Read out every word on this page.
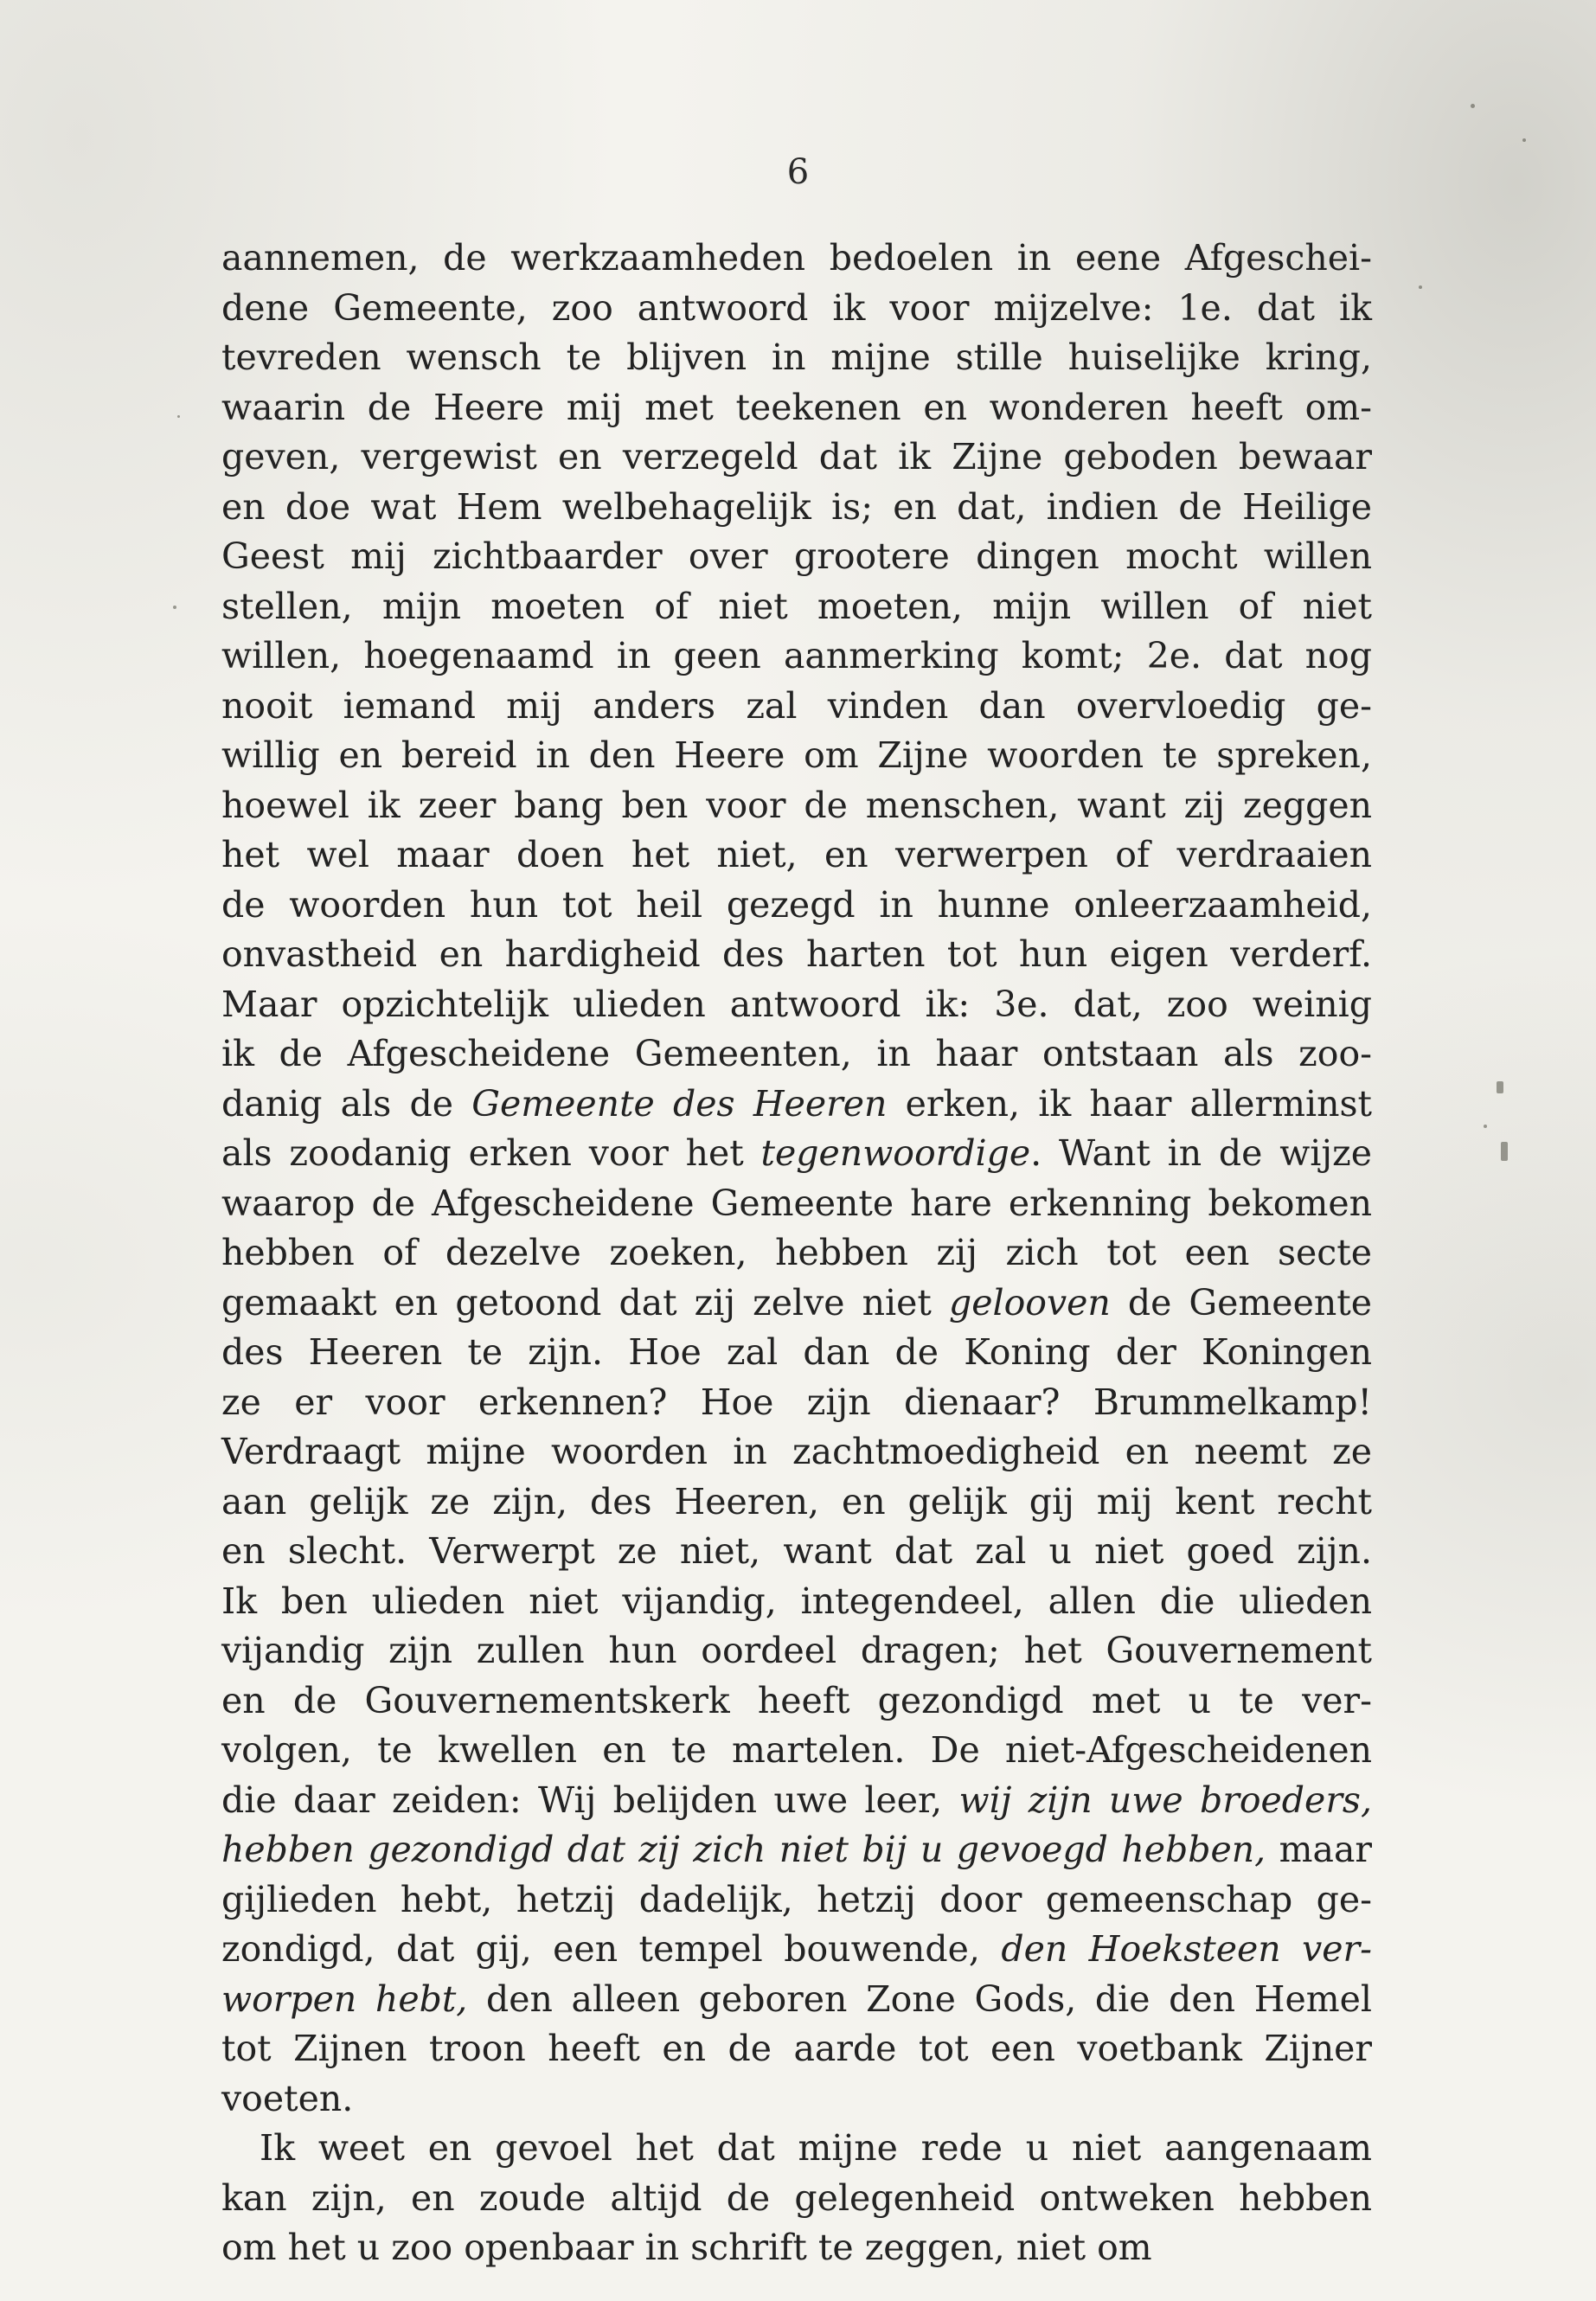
6
aannemen, de werkzaamheden bedoelen in eene Afgeschei-
dene Gemeente, zoo antwoord ik voor mijzelve: 1e. dat ik
tevreden wensch te blijven in mijne stille huiselijke kring,
waarin de Heere mij met teekenen en wonderen heeft om-
geven, vergewist en verzegeld dat ik Zijne geboden bewaar
en doe wat Hem welbehagelijk is; en dat, indien de Heilige
Geest mij zichtbaarder over grootere dingen mocht willen
stellen, mijn moeten of niet moeten, mijn willen of niet
willen, hoegenaamd in geen aanmerking komt; 2e. dat nog
nooit iemand mij anders zal vinden dan overvloedig ge-
willig en bereid in den Heere om Zijne woorden te spreken,
hoewel ik zeer bang ben voor de menschen, want zij zeggen
het wel maar doen het niet, en verwerpen of verdraaien
de woorden hun tot heil gezegd in hunne onleerzaamheid,
onvastheid en hardigheid des harten tot hun eigen verderf.
Maar opzichtelijk ulieden antwoord ik: 3e. dat, zoo weinig
ik de Afgescheidene Gemeenten, in haar ontstaan als zoo-
danig als de Gemeente des Heeren erken, ik haar allerminst
als zoodanig erken voor het tegenwoordige. Want in de wijze
waarop de Afgescheidene Gemeente hare erkenning bekomen
hebben of dezelve zoeken, hebben zij zich tot een secte
gemaakt en getoond dat zij zelve niet gelooven de Gemeente
des Heeren te zijn. Hoe zal dan de Koning der Koningen
ze er voor erkennen? Hoe zijn dienaar? Brummelkamp!
Verdraagt mijne woorden in zachtmoedigheid en neemt ze
aan gelijk ze zijn, des Heeren, en gelijk gij mij kent recht
en slecht. Verwerpt ze niet, want dat zal u niet goed zijn.
Ik ben ulieden niet vijandig, integendeel, allen die ulieden
vijandig zijn zullen hun oordeel dragen; het Gouvernement
en de Gouvernementskerk heeft gezondigd met u te ver-
volgen, te kwellen en te martelen. De niet-Afgescheidenen
die daar zeiden: Wij belijden uwe leer, wij zijn uwe broeders,
hebben gezondigd dat zij zich niet bij u gevoegd hebben, maar
gijlieden hebt, hetzij dadelijk, hetzij door gemeenschap ge-
zondigd, dat gij, een tempel bouwende, den Hoeksteen ver-
worpen hebt, den alleen geboren Zone Gods, die den Hemel
tot Zijnen troon heeft en de aarde tot een voetbank Zijner
voeten.
Ik weet en gevoel het dat mijne rede u niet aangenaam
kan zijn, en zoude altijd de gelegenheid ontweken hebben
om het u zoo openbaar in schrift te zeggen, niet om
